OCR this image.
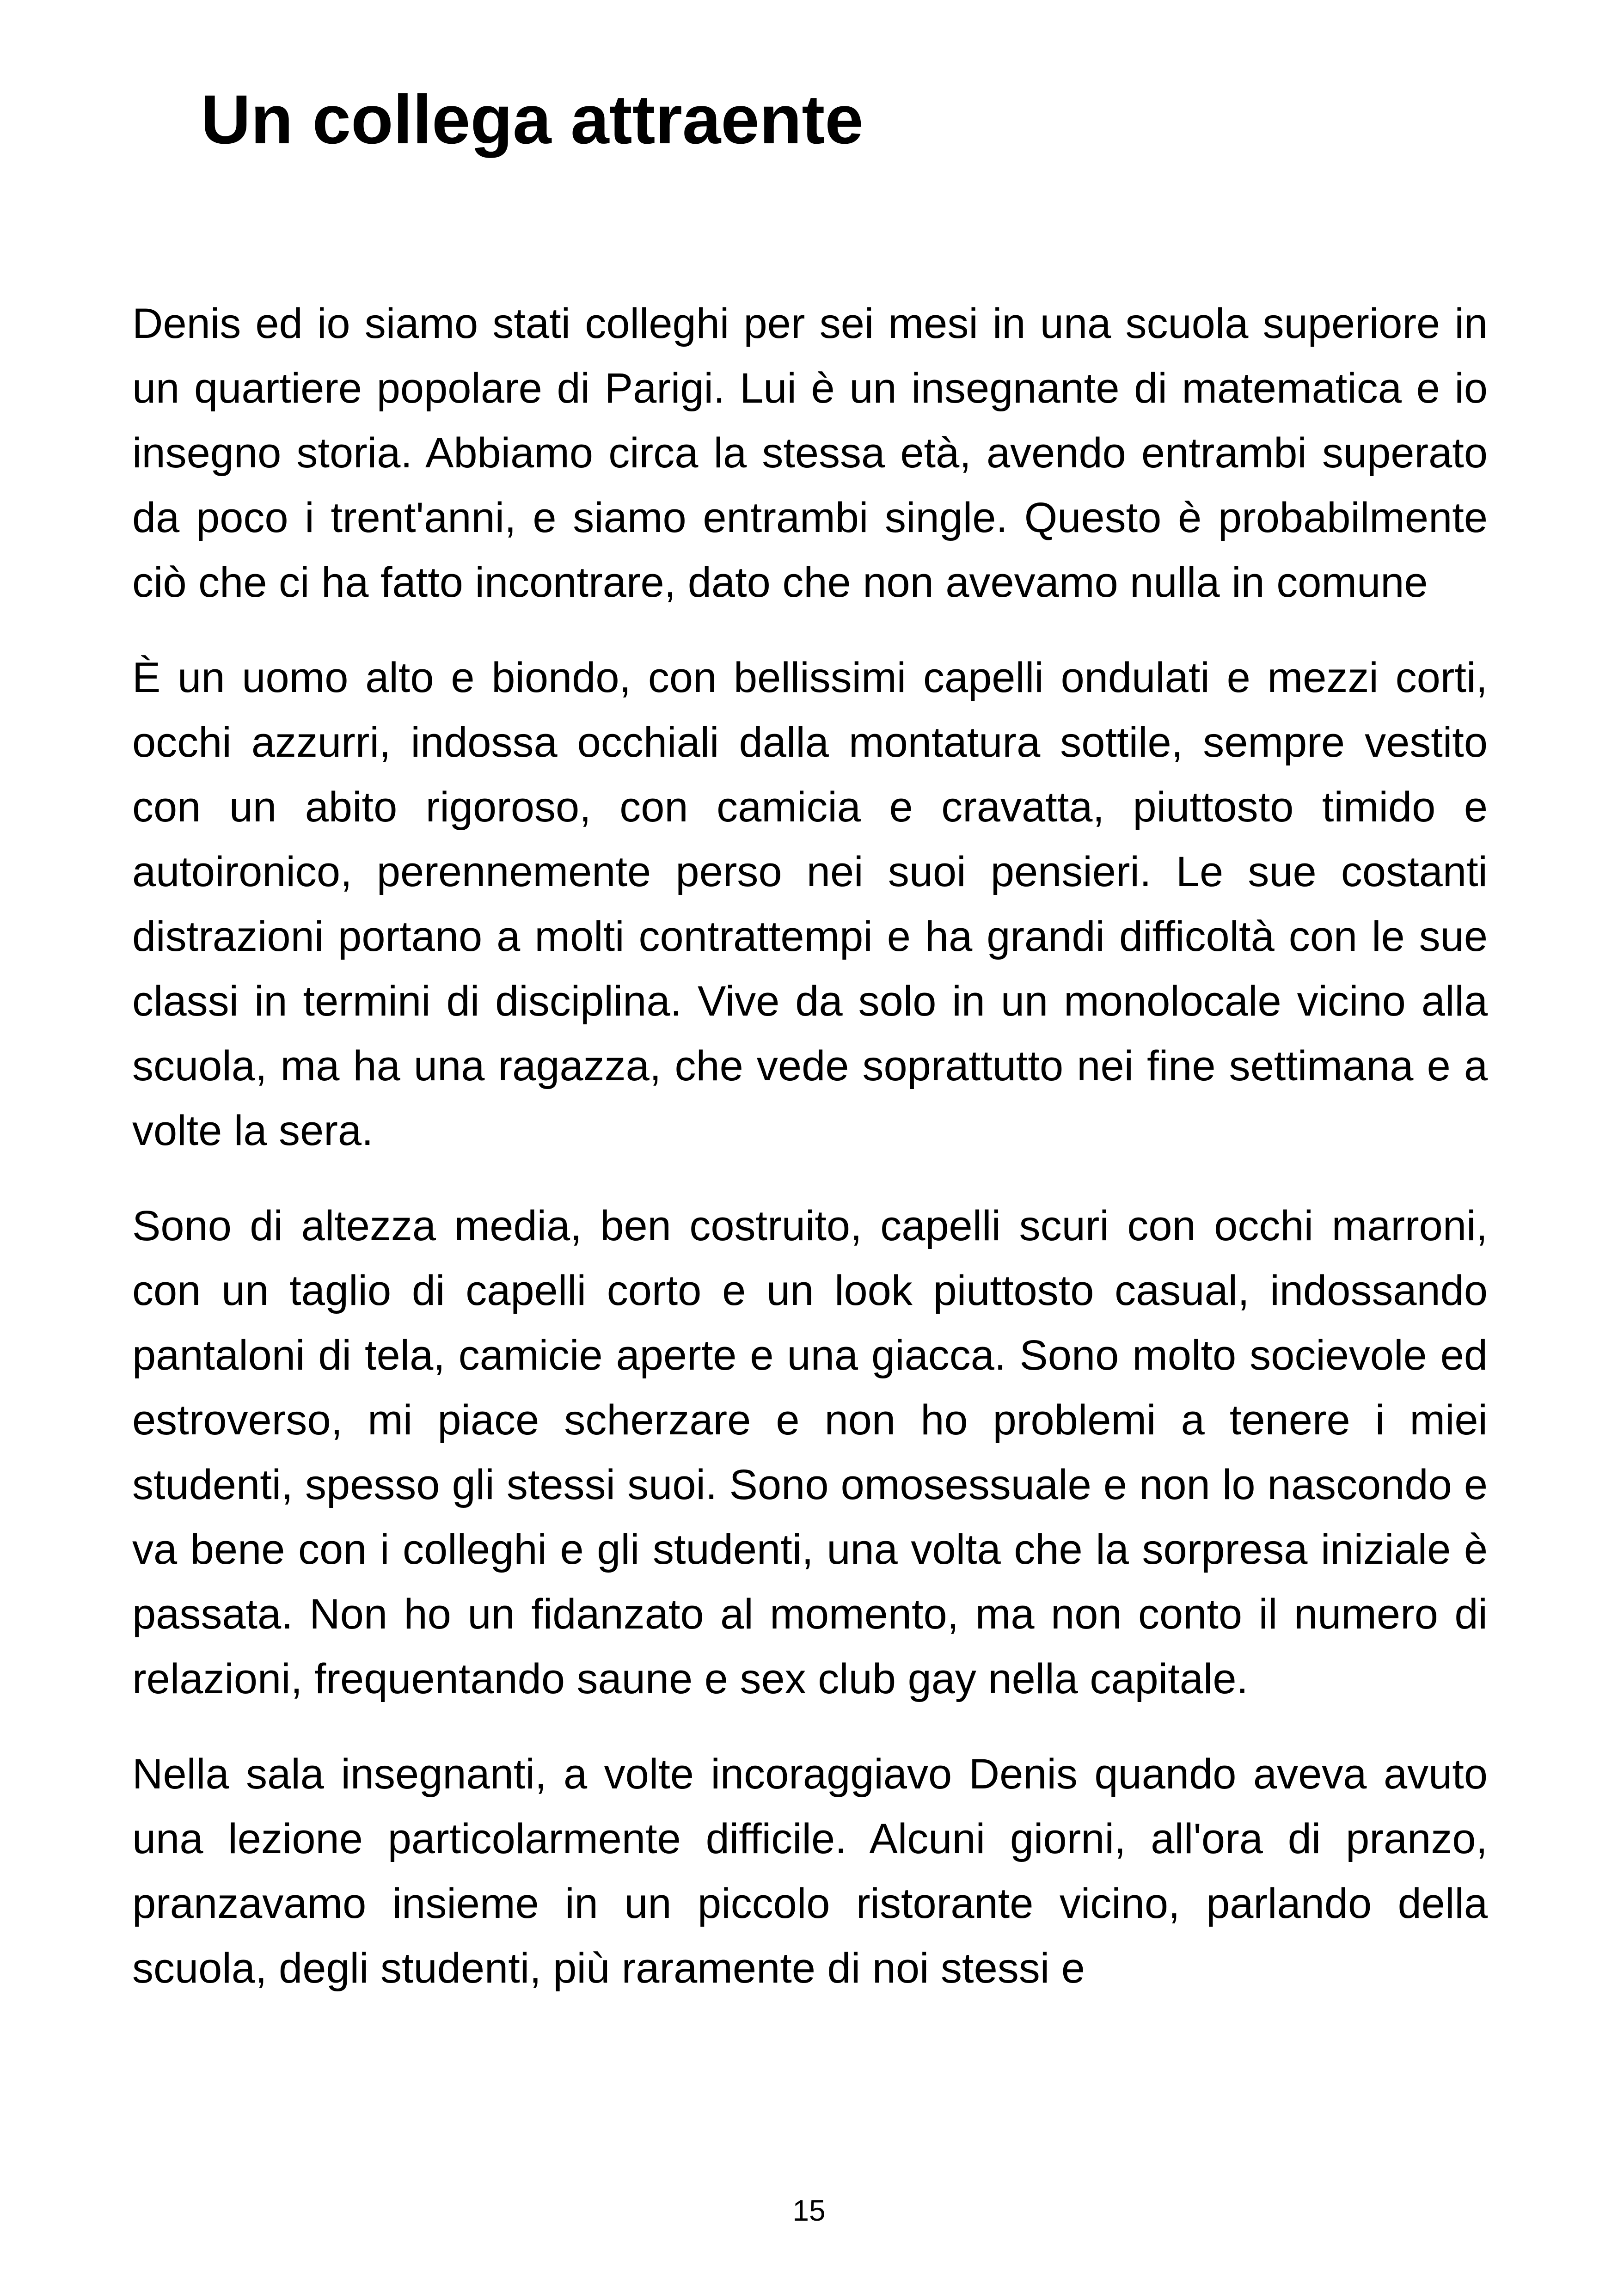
Un collega attraente

Denis ed io siamo stati colleghi per sei mesi in una scuola superiore in un quartiere popolare di Parigi. Lui è un insegnante di matematica e io insegno storia. Abbiamo circa la stessa età, avendo entrambi superato da poco i trent'anni, e siamo entrambi single. Questo è probabilmente ciò che ci ha fatto incontrare, dato che non avevamo nulla in comune

È un uomo alto e biondo, con bellissimi capelli ondulati e mezzi corti, occhi azzurri, indossa occhiali dalla montatura sottile, sempre vestito con un abito rigoroso, con camicia e cravatta, piuttosto timido e autoironico, perennemente perso nei suoi pensieri. Le sue costanti distrazioni portano a molti contrattempi e ha grandi difficoltà con le sue classi in termini di disciplina. Vive da solo in un monolocale vicino alla scuola, ma ha una ragazza, che vede soprattutto nei fine settimana e a volte la sera.

Sono di altezza media, ben costruito, capelli scuri con occhi marroni, con un taglio di capelli corto e un look piuttosto casual, indossando pantaloni di tela, camicie aperte e una giacca. Sono molto socievole ed estroverso, mi piace scherzare e non ho problemi a tenere i miei studenti, spesso gli stessi suoi. Sono omosessuale e non lo nascondo e va bene con i colleghi e gli studenti, una volta che la sorpresa iniziale è passata. Non ho un fidanzato al momento, ma non conto il numero di relazioni, frequentando saune e sex club gay nella capitale.

Nella sala insegnanti, a volte incoraggiavo Denis quando aveva avuto una lezione particolarmente difficile. Alcuni giorni, all'ora di pranzo, pranzavamo insieme in un piccolo ristorante vicino, parlando della scuola, degli studenti, più raramente di noi stessi e

15
